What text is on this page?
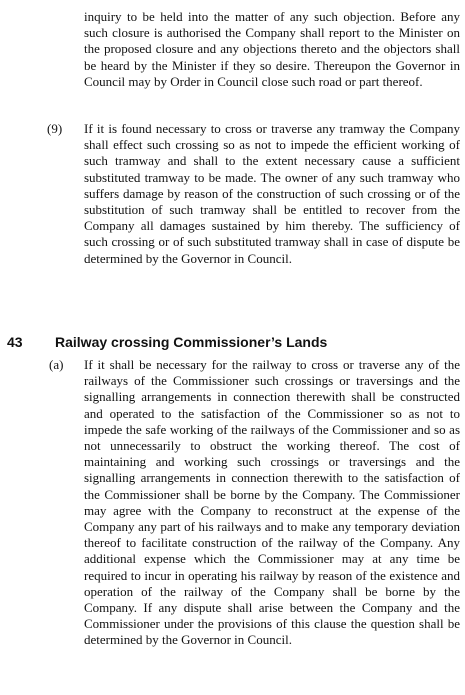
inquiry to be held into the matter of any such objection. Before any such closure is authorised the Company shall report to the Minister on the proposed closure and any objections thereto and the objectors shall be heard by the Minister if they so desire. Thereupon the Governor in Council may by Order in Council close such road or part thereof.

(9) If it is found necessary to cross or traverse any tramway the Company shall effect such crossing so as not to impede the efficient working of such tramway and shall to the extent necessary cause a sufficient substituted tramway to be made. The owner of any such tramway who suffers damage by reason of the construction of such crossing or of the substitution of such tramway shall be entitled to recover from the Company all damages sustained by him thereby. The sufficiency of such crossing or of such substituted tramway shall in case of dispute be determined by the Governor in Council.

43 Railway crossing Commissioner’s Lands
(a) If it shall be necessary for the railway to cross or traverse any of the railways of the Commissioner such crossings or traversings and the signalling arrangements in connection therewith shall be constructed and operated to the satisfaction of the Commissioner so as not to impede the safe working of the railways of the Commissioner and so as not unnecessarily to obstruct the working thereof. The cost of maintaining and working such crossings or traversings and the signalling arrangements in connection therewith to the satisfaction of the Commissioner shall be borne by the Company. The Commissioner may agree with the Company to reconstruct at the expense of the Company any part of his railways and to make any temporary deviation thereof to facilitate construction of the railway of the Company. Any additional expense which the Commissioner may at any time be required to incur in operating his railway by reason of the existence and operation of the railway of the Company shall be borne by the Company. If any dispute shall arise between the Company and the Commissioner under the provisions of this clause the question shall be determined by the Governor in Council.
